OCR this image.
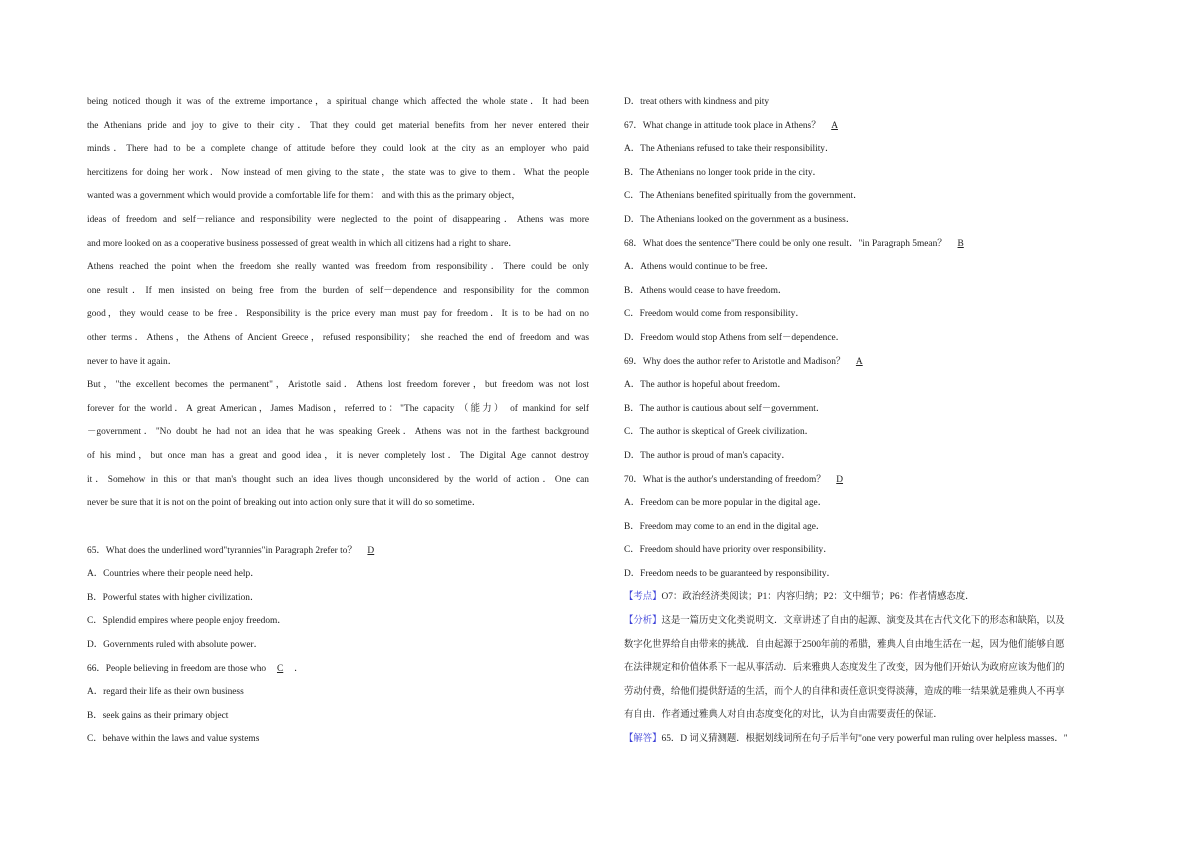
being noticed though it was of the extreme importance，a spiritual change which affected the whole state．It had been

the Athenians pride and joy to give to their city．That they could get material benefits from her never entered their

minds．There had to be a complete change of attitude before they could look at the city as an employer who paid

hercitizens for doing her work．Now instead of men giving to the state，the state was to give to them．What the people

wanted was a government which would provide a comfortable life for them： and with this as the primary object，

ideas of freedom and self－reliance and responsibility were neglected to the point of disappearing．Athens was more

and more looked on as a cooperative business possessed of great wealth in which all citizens had a right to share．

Athens reached the point when the freedom she really wanted was freedom from responsibility．There could be only

one result．If men insisted on being free from the burden of self－dependence and responsibility for the common

good，they would cease to be free．Responsibility is the price every man must pay for freedom．It is to be had on no

other terms．Athens，the Athens of Ancient Greece，refused responsibility； she reached the end of freedom and was

never to have it again．

But，"the excellent becomes the permanent"，Aristotle said．Athens lost freedom forever，but freedom was not lost

forever for the world．A great American，James Madison，referred to："The capacity （能力） of mankind for self

－government．"No doubt he had not an idea that he was speaking Greek．Athens was not in the farthest background

of his mind，but once man has a great and good idea，it is never completely lost．The Digital Age cannot destroy

it．Somehow in this or that man's thought such an idea lives though unconsidered by the world of action．One can

never be sure that it is not on the point of breaking out into action only sure that it will do so sometime．

65．What does the underlined word"tyrannies"in Paragraph 2refer to？ D

A．Countries where their people need help．

B．Powerful states with higher civilization．

C．Splendid empires where people enjoy freedom．

D．Governments ruled with absolute power．

66．People believing in freedom are those who C ．

A．regard their life as their own business

B．seek gains as their primary object

C．behave within the laws and value systems

D．treat others with kindness and pity

67．What change in attitude took place in Athens？ A

A．The Athenians refused to take their responsibility．

B．The Athenians no longer took pride in the city．

C．The Athenians benefited spiritually from the government．

D．The Athenians looked on the government as a business．

68．What does the sentence"There could be only one result．"in Paragraph 5mean？ B

A．Athens would continue to be free．

B．Athens would cease to have freedom．

C．Freedom would come from responsibility．

D．Freedom would stop Athens from self－dependence．

69．Why does the author refer to Aristotle and Madison？ A

A．The author is hopeful about freedom．

B．The author is cautious about self－government．

C．The author is skeptical of Greek civilization．

D．The author is proud of man's capacity．

70．What is the author's understanding of freedom？ D

A．Freedom can be more popular in the digital age．

B．Freedom may come to an end in the digital age．

C．Freedom should have priority over responsibility．

D．Freedom needs to be guaranteed by responsibility．

【考点】O7：政治经济类阅读；P1：内容归纳；P2：文中细节；P6：作者情感态度．

【分析】这是一篇历史文化类说明文．文章讲述了自由的起源、演变及其在古代文化下的形态和缺陷，以及

数字化世界给自由带来的挑战．自由起源于2500年前的希腊，雅典人自由地生活在一起，因为他们能够自愿

在法律规定和价值体系下一起从事活动．后来雅典人态度发生了改变，因为他们开始认为政府应该为他们的

劳动付费，给他们提供舒适的生活，而个人的自律和责任意识变得淡薄，造成的唯一结果就是雅典人不再享

有自由．作者通过雅典人对自由态度变化的对比，认为自由需要责任的保证．

【解答】65．D 词义猜测题．根据划线词所在句子后半句"one very powerful man ruling over helpless masses．"
